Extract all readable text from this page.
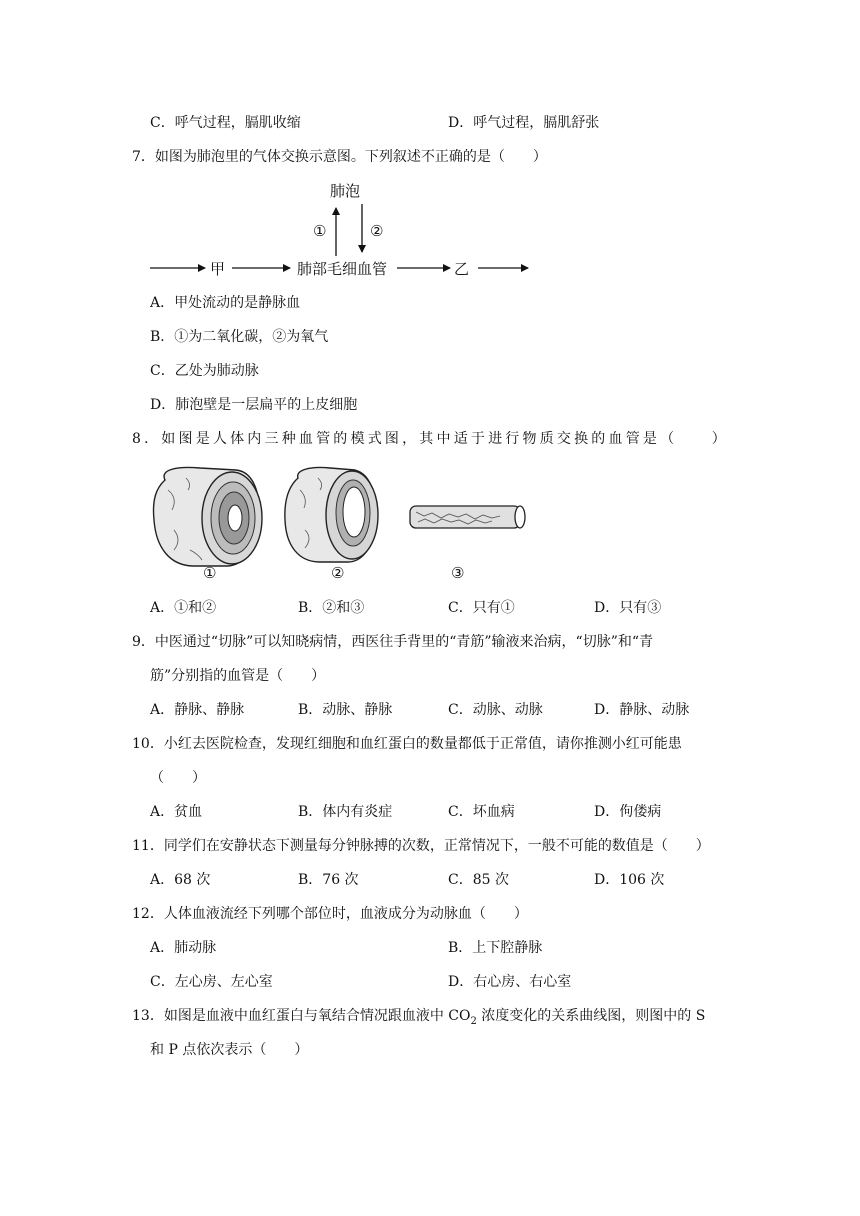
C．呼气过程，膈肌收缩	D．呼气过程，膈肌舒张
7．如图为肺泡里的气体交换示意图。下列叙述不正确的是（　　）
肺泡
①	②
甲	肺部毛细血管	乙
A．甲处流动的是静脉血
B．①为二氧化碳，②为氧气
C．乙处为肺动脉
D．肺泡壁是一层扁平的上皮细胞
8．如图是人体内三种血管的模式图，其中适于进行物质交换的血管是（　　）
①	②	③
A．①和②	B．②和③	C．只有①	D．只有③
9．中医通过“切脉”可以知晓病情，西医往手背里的“青筋”输液来治病，“切脉”和“青
筋”分别指的血管是（　　）
A．静脉、静脉	B．动脉、静脉	C．动脉、动脉	D．静脉、动脉
10．小红去医院检查，发现红细胞和血红蛋白的数量都低于正常值，请你推测小红可能患
（　　）
A．贫血	B．体内有炎症	C．坏血病	D．佝偻病
11．同学们在安静状态下测量每分钟脉搏的次数，正常情况下，一般不可能的数值是（　　）
A．68 次	B．76 次	C．85 次	D．106 次
12．人体血液流经下列哪个部位时，血液成分为动脉血（　　）
A．肺动脉	B．上下腔静脉
C．左心房、左心室	D．右心房、右心室
13．如图是血液中血红蛋白与氧结合情况跟血液中 $CO_2$ 浓度变化的关系曲线图，则图中的 S
和 P 点依次表示（　　）
